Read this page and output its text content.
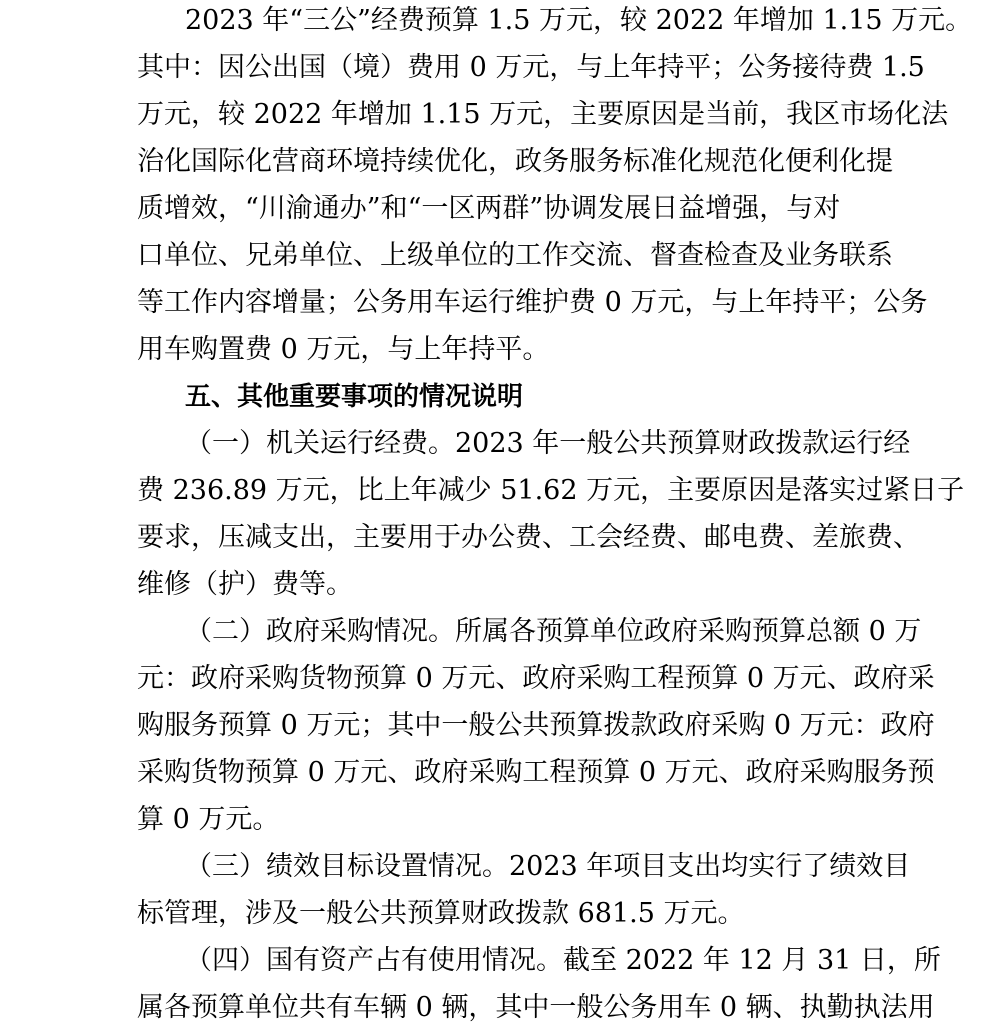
2023 年“三公”经费预算 1.5 万元，较 2022 年增加 1.15 万元。
其中：因公出国（境）费用 0 万元，与上年持平；公务接待费 1.5
万元，较 2022 年增加 1.15 万元，主要原因是当前，我区市场化法
治化国际化营商环境持续优化，政务服务标准化规范化便利化提
质增效，“川渝通办”和“一区两群”协调发展日益增强，与对
口单位、兄弟单位、上级单位的工作交流、督查检查及业务联系
等工作内容增量；公务用车运行维护费 0 万元，与上年持平；公务
用车购置费 0 万元，与上年持平。
五、其他重要事项的情况说明
（一）机关运行经费。2023 年一般公共预算财政拨款运行经
费 236.89 万元，比上年减少 51.62 万元，主要原因是落实过紧日子
要求，压减支出，主要用于办公费、工会经费、邮电费、差旅费、
维修（护）费等。
（二）政府采购情况。所属各预算单位政府采购预算总额 0 万
元：政府采购货物预算 0 万元、政府采购工程预算 0 万元、政府采
购服务预算 0 万元；其中一般公共预算拨款政府采购 0 万元：政府
采购货物预算 0 万元、政府采购工程预算 0 万元、政府采购服务预
算 0 万元。
（三）绩效目标设置情况。2023 年项目支出均实行了绩效目
标管理，涉及一般公共预算财政拨款 681.5 万元。
（四）国有资产占有使用情况。截至 2022 年 12 月 31 日，所
属各预算单位共有车辆 0 辆，其中一般公务用车 0 辆、执勤执法用
